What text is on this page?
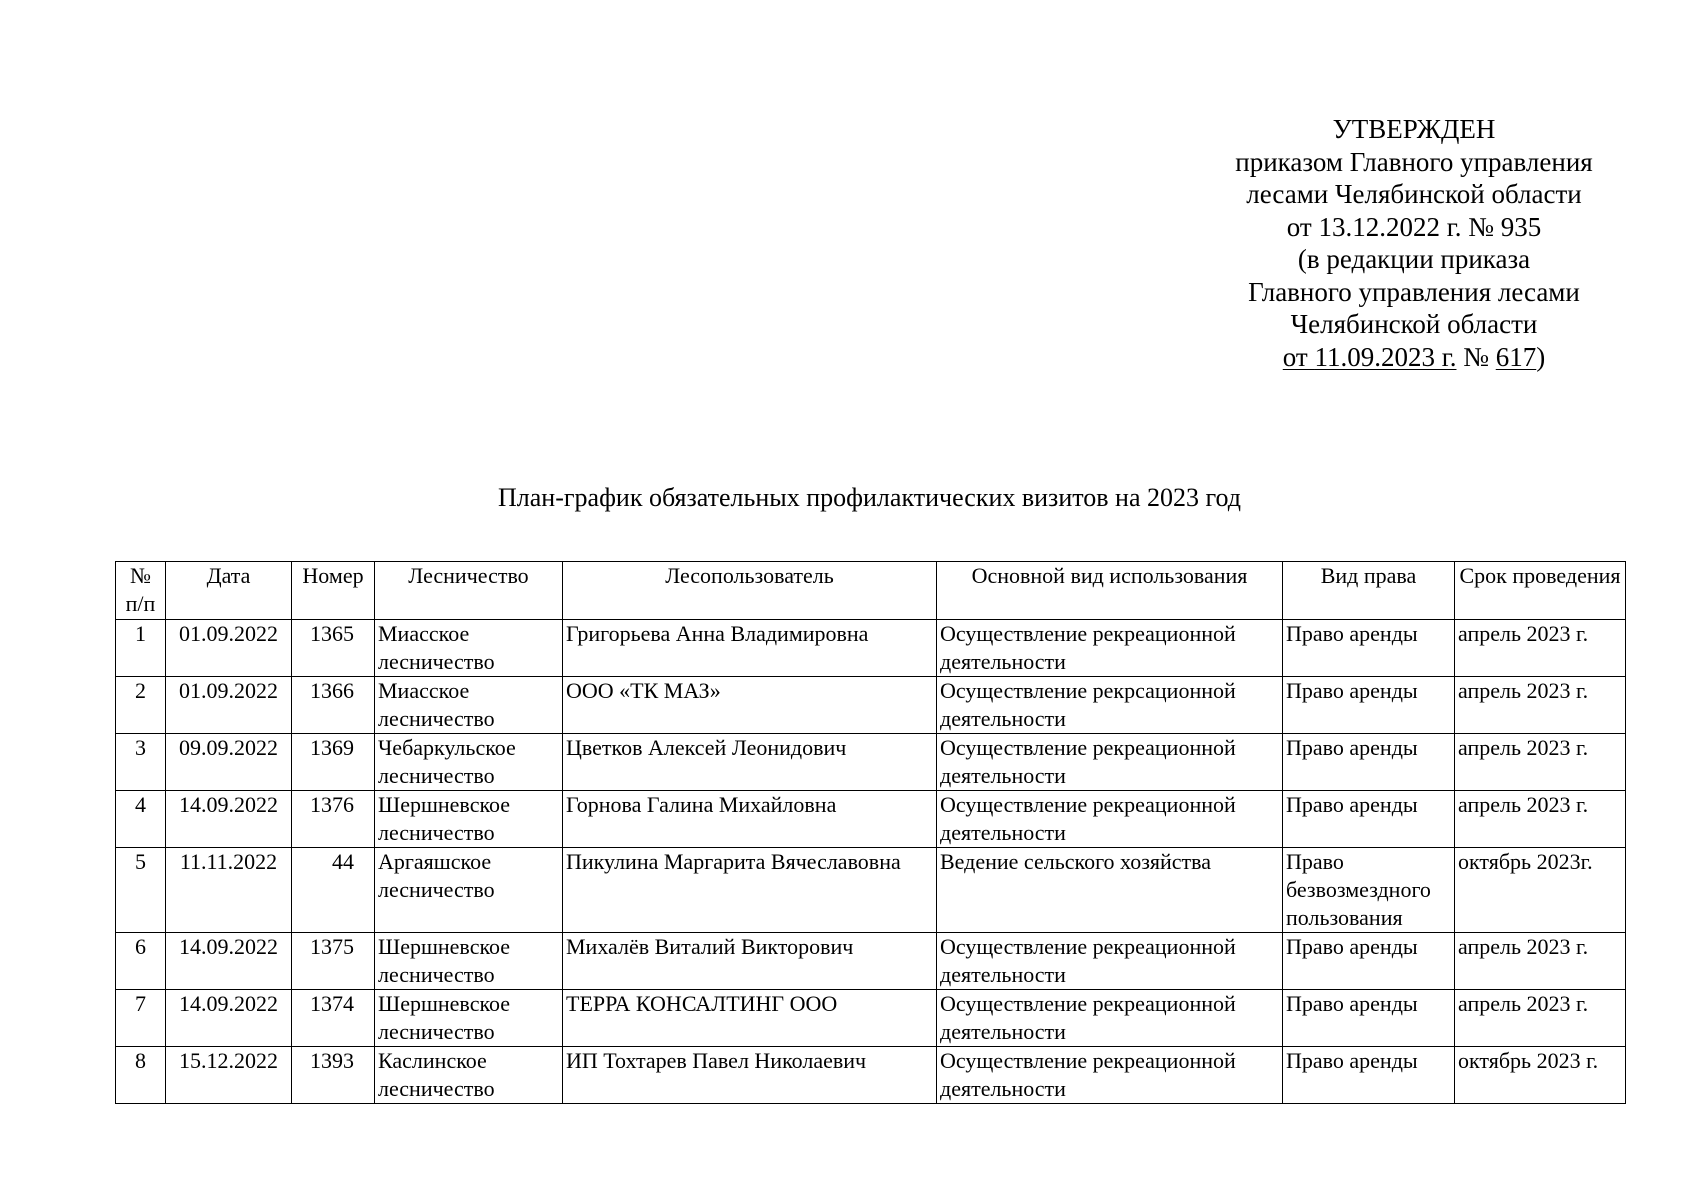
УТВЕРЖДЕН
приказом Главного управления
лесами Челябинской области
от 13.12.2022 г. № 935
(в редакции приказа
Главного управления лесами
Челябинской области
от 11.09.2023 г. № 617)
План-график обязательных профилактических визитов на 2023 год
№ п/п	Дата	Номер	Лесничество	Лесопользователь	Основной вид использования	Вид права	Срок проведения
1	01.09.2022	1365	Миасское лесничество	Григорьева Анна Владимировна	Осуществление рекреационной деятельности	Право аренды	апрель 2023 г.
2	01.09.2022	1366	Миасское лесничество	ООО «ТК МАЗ»	Осуществление рекрсационной деятельности	Право аренды	апрель 2023 г.
3	09.09.2022	1369	Чебаркульское лесничество	Цветков Алексей Леонидович	Осуществление рекреационной деятельности	Право аренды	апрель 2023 г.
4	14.09.2022	1376	Шершневское лесничество	Горнова Галина Михайловна	Осуществление рекреационной деятельности	Право аренды	апрель 2023 г.
5	11.11.2022	44	Аргаяшское лесничество	Пикулина Маргарита Вячеславовна	Ведение сельского хозяйства	Право безвозмездного пользования	октябрь 2023г.
6	14.09.2022	1375	Шершневское лесничество	Михалёв Виталий Викторович	Осуществление рекреационной деятельности	Право аренды	апрель 2023 г.
7	14.09.2022	1374	Шершневское лесничество	ТЕРРА КОНСАЛТИНГ ООО	Осуществление рекреационной деятельности	Право аренды	апрель 2023 г.
8	15.12.2022	1393	Каслинское лесничество	ИП Тохтарев Павел Николаевич	Осуществление рекреационной деятельности	Право аренды	октябрь 2023 г.
